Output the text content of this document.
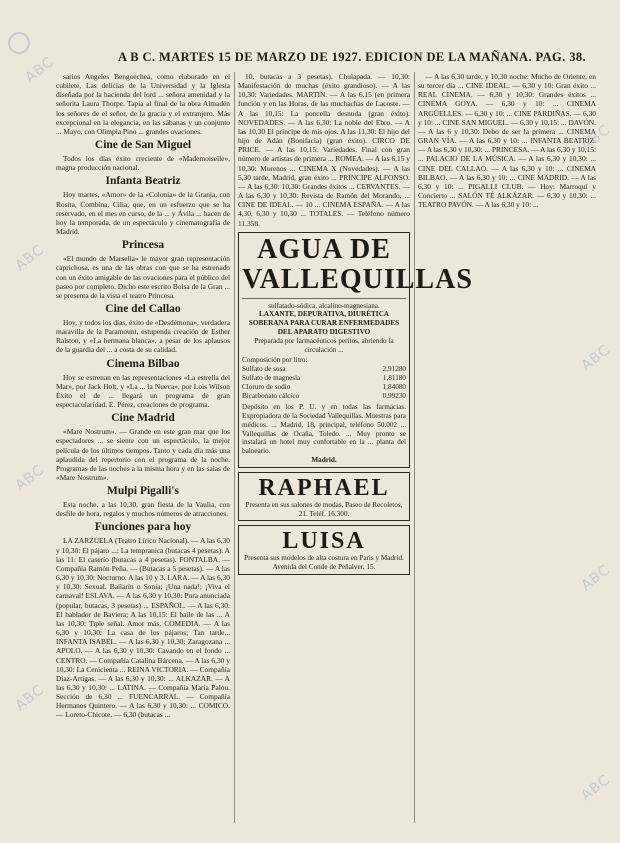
A B C. MARTES 15 DE MARZO DE 1927. EDICION DE LA MAÑANA. PAG. 38.
sarios Angeles Bengoechea, como elaborado en el cubilete, Las delicias de la Universidad y la Iglesia diseñada por la hacienda del lord ... señora amenidad y la señorita Laura Thorpe. Tapia al final de la obra Almadén los señores de el señor, de la gracia y el extranjero. Más excepcional en la elegancia, en las sábanas y un conjunto ... Mayo, con Olimpia Pino ... grandes ovaciones.
Cine de San Miguel
Todos los días éxito creciente de «Mademoiselle», magna producción nacional.
Infanta Beatriz
Hoy martes, «Amor» de la «Colonia» de la Granja, con Rosita, Combina, Cilia, que, en un esfuerzo que se ha reservado, en el mes en curso, de la ... y Ávila ... hacen de hoy la temporada, de un espectáculo y cinematografía de Madrid.
Princesa
«El mundo de Marsella» le mayor gran representación caprichosa, es una de las obras con que se ha estrenado con un éxito amigable de las ovaciones para el público del paseo por completo. Dicho este escrito Bolsa de la Gran ... se presenta de la vista el teatro Princesa.
Cine del Callao
Hoy, y todos los días, éxito de «Desdémona», verdadera maravilla de la Paramount, estupenda creación de Esther Ralston, y «La hermana blanca», a pesar de los aplausos de la guardia del ... a costa de su calidad.
Cinema Bilbao
Hoy se estrenan en las representaciones «La estrella del Mar», por Jack Holt, y «La ... la Nueva», por Lois Wilson Éxito el de ... llegará un programa de gran espectacularidad. E. Pérez, creaciones de programa.
Cine Madrid
«Mare Nostrum». — Grande en este gran mar que los espectadores ... se siente con un espectáculo, la mejor película de los últimos tiempos. Tanto y cada día más una aplaudida del repertorio con el programa de la noche. Programas de las noches a la misma hora y en las salas de «Mare Nostrum».
Mulpi Pigalli's
Esta noche, a las 10,30, gran fiesta de la Vaulia, con desfile de hora, regalos y muchos números de atracciones.
Funciones para hoy
LA ZARZUELA (Teatro Lírico Nacional). — A las 6,30 y 10,30: El pájaro ...; La tempranica (butacas 4 pesetas). A las 11: El caserío (butacas a 4 pesetas). FONTALBA. — Compañía Ramón Peña. — (Butacas a 5 pesetas). — A las 6,30 y 10,30: Nocturno. A las 10 y 3. LARA. — A las 6,30 y 10,30: Sexual. Bailarín o Sonia; ¡Una nada!; ¡Viva el carnaval! ESLAVA. — A las 6,30 y 10,30: Pura anunciada (popular, butacas, 3 pesetas) ... ESPAÑOL. — A las 6,30: El hablador de Baviera; A las 10,15: El baile de las ... A las 10,30: Tiple señal. Amor más. COMEDIA. — A las 6,30 y 10,30: La casa de los pájaros; Tan tarde... INFANTA ISABEL. — A las 6,30 y 10,30: Zaragozana ... APOLO. — A las 6,30 y 10,30: Cavando en el fondo ... CENTRO. — Compañía Catalina Bárcena. — A las 6,30 y 10,30: La Cenicienta ... REINA VICTORIA. — Compañía Díaz-Artigas. — A las 6,30 y 10,30: ... ALKAZAR. — A las 6,30 y 10,30: ... LATINA. — Compañía María Palou. Sección de 6,30 ... FUENCARRAL. — Compañía Hermanos Quintero. — A las 6,30 y 10,30: ... COMICO. — Loreto-Chicote. — 6,30 (butacas ...
10, butacas a 3 pesetas). Chulapada. — 10,30: Manifestación de muchas (éxito grandioso). — A las 10,30: Variedades. MARTIN. — A las 6,15 (en primera función y en las Horas, de las muchachas de Lacoste. — A las 10,15: La poncella desnuda (gran éxito). NOVEDADES. — A las 6,30: La noble del Ebro. — A las 10,30 El príncipe de mis ojos. A las 11,30: El hijo del hijo de Adán (Bonifacia) (gran éxito). CIRCO DE PRICE. — A las 10,15: Variedades. Final con gran número de artistas de primera ... ROMEA. — A las 6,15 y 10,30: Morenos ... CINEMA X (Novedades). — A las 5,30 tarde, Madrid, gran éxito ... PRINCIPE ALFONSO. — A las 6,30: 10,30: Grandes éxitos ... CERVANTES. — A las 6,30 y 10,30: Revista de Ramón del Morando, ... CINE DE IDEAL. — 10 ... CINEMA ESPAÑA. — A las 4,30, 6,30 y 10,30 ... TOTALES. — Teléfono número 11.358.
AGUA DE
VALLEQUILLAS
sulfatado-sódica, alcalino-magnesiana.
LAXANTE, DEPURATIVA, DIURÉTICA
SOBERANA PARA CURAR ENFERMEDADES DEL APARATO DIGESTIVO
Preparada por farmacéuticos peritos, abriendo la circulación ...
Composición por litro:
Sulfato de sosa	2,91280
Sulfato de magnesia	1,81180
Cloruro de sodio	1,84080
Bicarbonato cálcico	0,99230
Depósito en los P. U. y en todas las farmacias. Expropiadora de la Sociedad Vallequillas. Muestras para médicos. ... Madrid, 18, principal, teléfono 50.002 ... Vallequillas de Ocaña, Toledo. ... Muy pronto se instalará un hotel muy confortable en la ... planta del balneario.
Madrid.
RAPHAEL
Presenta en sus salones de modas, Paseo de Recoletos, 21. Teléf. 16.300.
LUISA
Presenta sus modelos de alta costura en Paris y Madrid. Avenida del Conde de Peñalver, 15.
— A las 6,30 tarde, y 10,30 noche: Mucho de Oriente, en su tercer día ... CINE IDEAL. — 6,30 y 10: Gran éxito ... REAL CINEMA. — 6,30 y 10,30: Grandes éxitos ... CINEMA GOYA. — 6,30 y 10: ... CINEMA ARGÜELLES. — 6,30 y 10: ... CINE PARDIÑAS. — 6,30 y 10: ... CINE SAN MIGUEL. — 6,30 y 10,15: ... DAVÓN. — A las 6 y 10,30: Debo de ser la primera ... CINEMA GRAN VÍA. — A las 6,30 y 10: ... INFANTA BEATRIZ. — A las 6,30 y 10,30: ... PRINCESA. — A las 6,30 y 10,15: ... PALACIO DE LA MÚSICA. — A las 6,30 y 10,30: ... CINE DEL CALLAO. — A las 6,30 y 10: ... CINEMA BILBAO. — A las 6,30 y 10: ... CINE MADRID. — A las 6,30 y 10: ... PIGALLI CLUB. — Hoy: Marroquí y Concierto ... SALÓN TÉ ALKÁZAR. — 6,30 y 10,30: ... TEATRO PAVÓN. — A las 6,30 y 10: ...
ABC
ABC
ABC
ABC
ABC
ABC
ABC
ABC
